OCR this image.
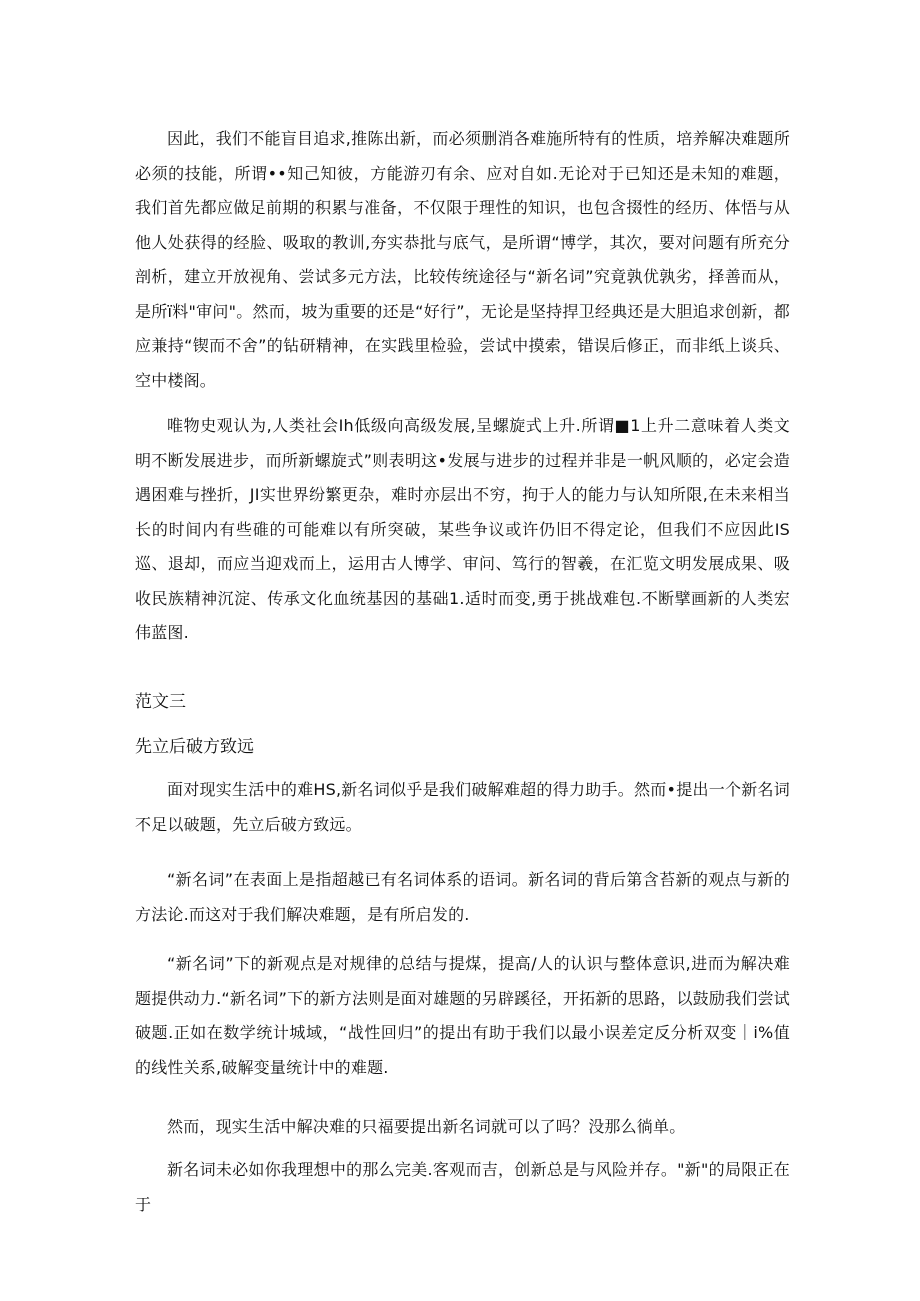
因此，我们不能盲目追求,推陈出新，而必须删消各难施所特有的性质，培养解决难题所必须的技能，所谓••知己知彼，方能游刃有余、应对自如.无论对于已知还是未知的难题，我们首先都应做足前期的积累与准备，不仅限于理性的知识，也包含掇性的经历、体悟与从他人处获得的经脸、吸取的教训,夯实恭批与底气，是所谓“博学，其次，要对问题有所充分剖析，建立开放视角、尝试多元方法，比较传统途径与“新名词”究竟孰优孰劣，择善而从，是所ï料"审问"。然而，坡为重要的还是“好行”，无论是坚持捍卫经典还是大胆追求创新，都应兼持“锲而不舍”的钻研精神，在实践里检验，尝试中摸索，错误后修正，而非纸上谈兵、空中楼阁。

唯物史观认为,人类社会Ih低级向高级发展,呈螺旋式上升.所谓■1上升二意味着人类文明不断发展进步，而所新螺旋式”则表明这•发展与进步的过程并非是一帆风顺的，必定会造遇困难与挫折，JI实世界纷繁更杂，难时亦层出不穷，拘于人的能力与认知所限,在未来相当长的时间内有些碓的可能难以有所突破，某些争议或许仍旧不得定论，但我们不应因此IS巡、退却，而应当迎戏而上，运用古人博学、审问、笃行的智羲，在汇览文明发展成果、吸收民族精神沉淀、传承文化血统基因的基础1.适时而变,勇于挑战难包.不断擘画新的人类宏伟蓝图.

范文三
先立后破方致远

面对现实生活中的难HS,新名词似乎是我们破解难超的得力助手。然而•提出一个新名词不足以破题，先立后破方致远。

“新名词”在表面上是指超越已有名词体系的语词。新名词的背后第含苔新的观点与新的方法论.而这对于我们解决难题，是有所启发的.

“新名词”下的新观点是对规律的总结与提煤，提高/人的认识与整体意识,进而为解决难题提供动力.“新名词”下的新方法则是面对雄题的另辟蹊径，开拓新的思路，以鼓励我们尝试破题.正如在数学统计城域，“战性回归”的提出有助于我们以最小误差定反分析双变｜i%值的线性关系,破解变量统计中的难题.

然而，现实生活中解决难的只福要提出新名词就可以了吗？没那么徜单。

新名词未必如你我理想中的那么完美.客观而吉，创新总是与风险并存。"新"的局限正在于
